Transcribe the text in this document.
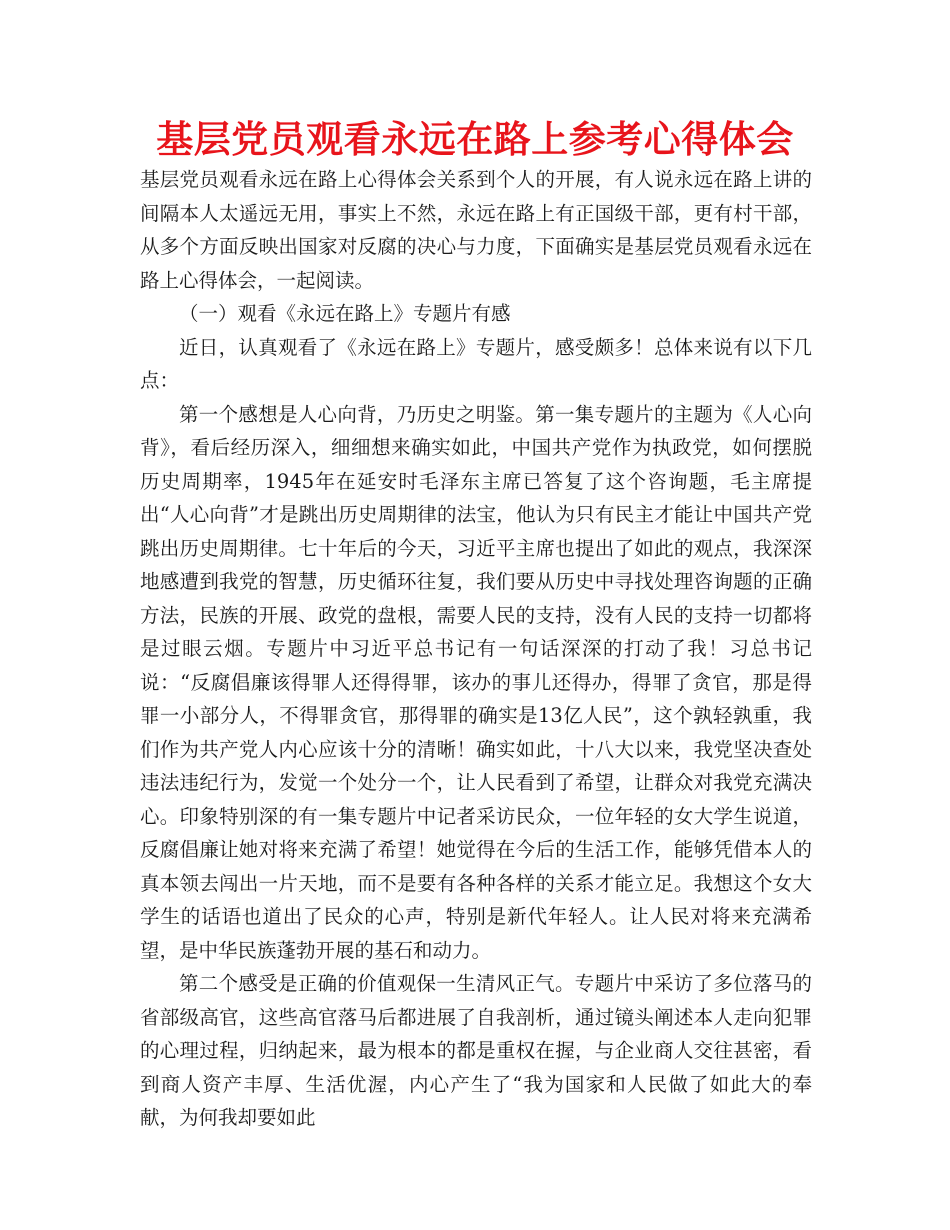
基层党员观看永远在路上参考心得体会

基层党员观看永远在路上心得体会关系到个人的开展，有人说永远在路上讲的间隔本人太遥远无用，事实上不然，永远在路上有正国级干部，更有村干部，从多个方面反映出国家对反腐的决心与力度，下面确实是基层党员观看永远在路上心得体会，一起阅读。

（一）观看《永远在路上》专题片有感

近日，认真观看了《永远在路上》专题片，感受颇多！总体来说有以下几点：

第一个感想是人心向背，乃历史之明鉴。第一集专题片的主题为《人心向背》，看后经历深入，细细想来确实如此，中国共产党作为执政党，如何摆脱历史周期率，1945年在延安时毛泽东主席已答复了这个咨询题，毛主席提出“人心向背”才是跳出历史周期律的法宝，他认为只有民主才能让中国共产党跳出历史周期律。七十年后的今天，习近平主席也提出了如此的观点，我深深地感遭到我党的智慧，历史循环往复，我们要从历史中寻找处理咨询题的正确方法，民族的开展、政党的盘根，需要人民的支持，没有人民的支持一切都将是过眼云烟。专题片中习近平总书记有一句话深深的打动了我！习总书记说：“反腐倡廉该得罪人还得得罪，该办的事儿还得办，得罪了贪官，那是得罪一小部分人，不得罪贪官，那得罪的确实是13亿人民”，这个孰轻孰重，我们作为共产党人内心应该十分的清晰！确实如此，十八大以来，我党坚决查处违法违纪行为，发觉一个处分一个，让人民看到了希望，让群众对我党充满决心。印象特别深的有一集专题片中记者采访民众，一位年轻的女大学生说道，反腐倡廉让她对将来充满了希望！她觉得在今后的生活工作，能够凭借本人的真本领去闯出一片天地，而不是要有各种各样的关系才能立足。我想这个女大学生的话语也道出了民众的心声，特别是新代年轻人。让人民对将来充满希望，是中华民族蓬勃开展的基石和动力。

第二个感受是正确的价值观保一生清风正气。专题片中采访了多位落马的省部级高官，这些高官落马后都进展了自我剖析，通过镜头阐述本人走向犯罪的心理过程，归纳起来，最为根本的都是重权在握，与企业商人交往甚密，看到商人资产丰厚、生活优渥，内心产生了“我为国家和人民做了如此大的奉献，为何我却要如此
